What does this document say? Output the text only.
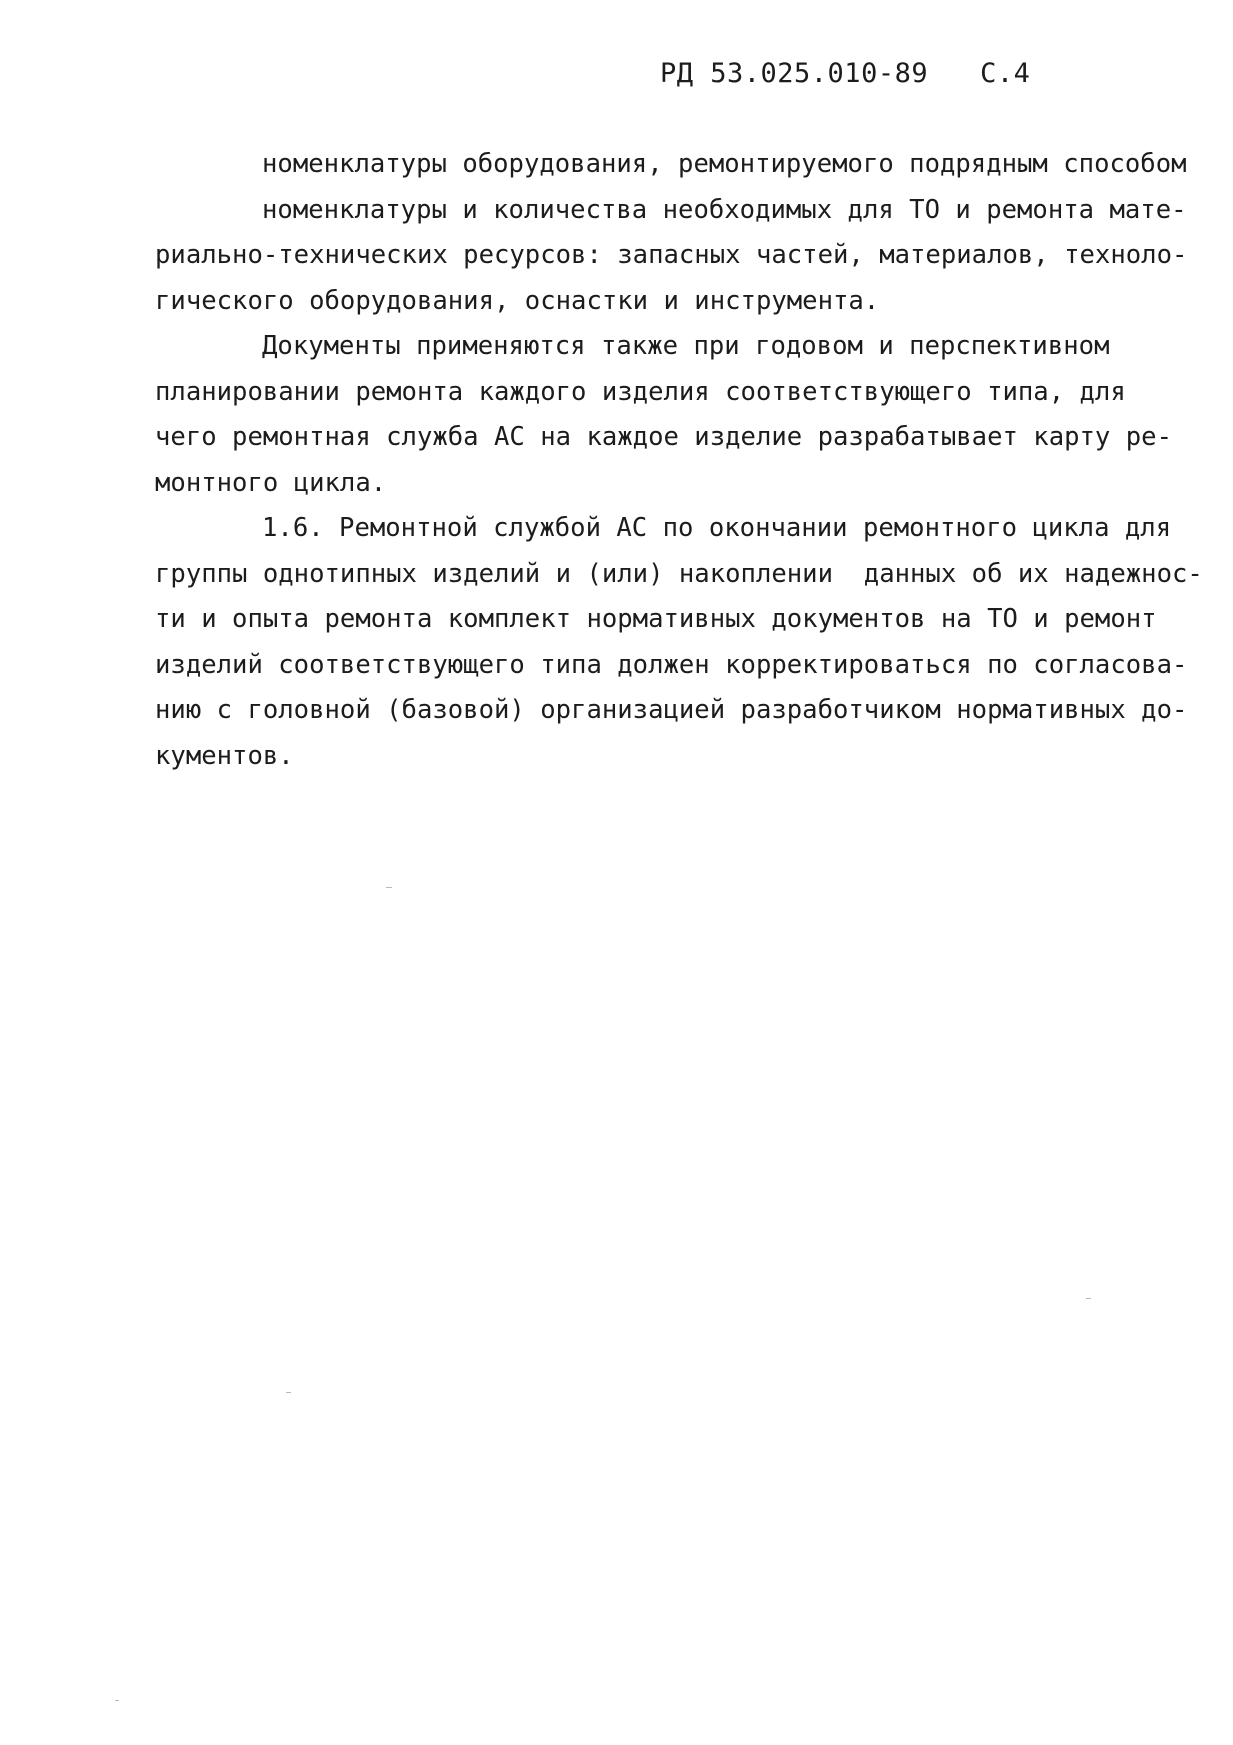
РД 53.025.010-89 С.4
номенклатуры оборудования, ремонтируемого подрядным способом
номенклатуры и количества необходимых для ТО и ремонта мате-
риально-технических ресурсов: запасных частей, материалов, техноло-
гического оборудования, оснастки и инструмента.
Документы применяются также при годовом и перспективном
планировании ремонта каждого изделия соответствующего типа, для
чего ремонтная служба АС на каждое изделие разрабатывает карту ре-
монтного цикла.
1.6. Ремонтной службой АС по окончании ремонтного цикла для
группы однотипных изделий и (или) накоплении  данных об их надежнос-
ти и опыта ремонта комплект нормативных документов на ТО и ремонт
изделий соответствующего типа должен корректироваться по согласова-
нию с головной (базовой) организацией разработчиком нормативных до-
кументов.
